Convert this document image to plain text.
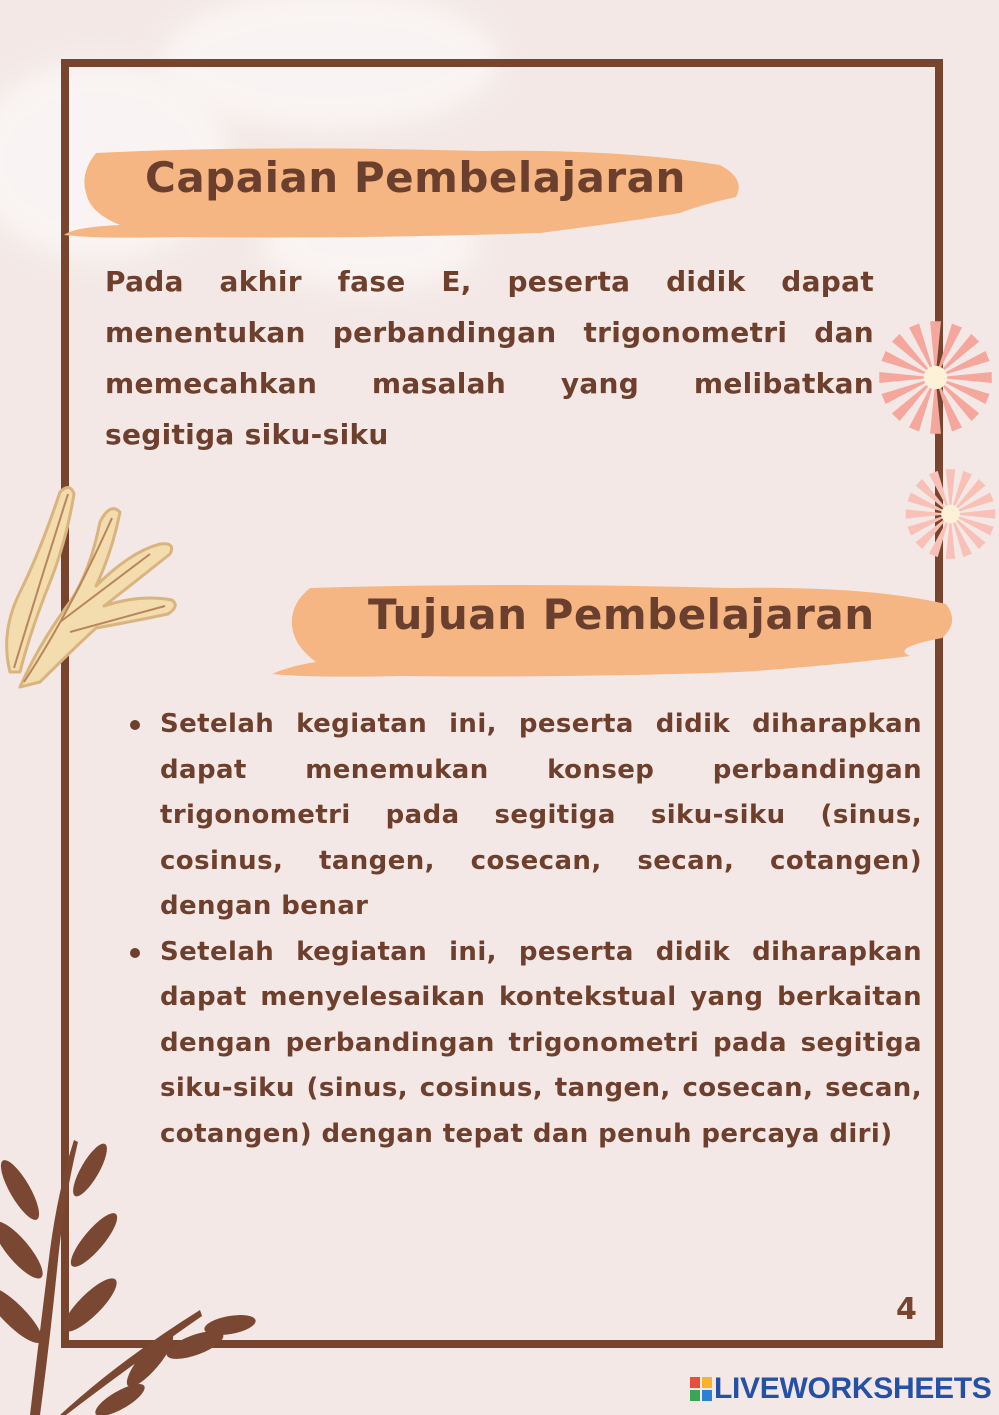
Capaian Pembelajaran

Pada akhir fase E, peserta didik dapat menentukan perbandingan trigonometri dan memecahkan masalah yang melibatkan segitiga siku-siku

Tujuan Pembelajaran
Setelah kegiatan ini, peserta didik diharapkan dapat menemukan konsep perbandingan trigonometri pada segitiga siku-siku (sinus, cosinus, tangen, cosecan, secan, cotangen) dengan benar
Setelah kegiatan ini, peserta didik diharapkan dapat menyelesaikan kontekstual yang berkaitan dengan perbandingan trigonometri pada segitiga siku-siku (sinus, cosinus, tangen, cosecan, secan, cotangen) dengan tepat dan penuh percaya diri)

4

LIVEWORKSHEETS
